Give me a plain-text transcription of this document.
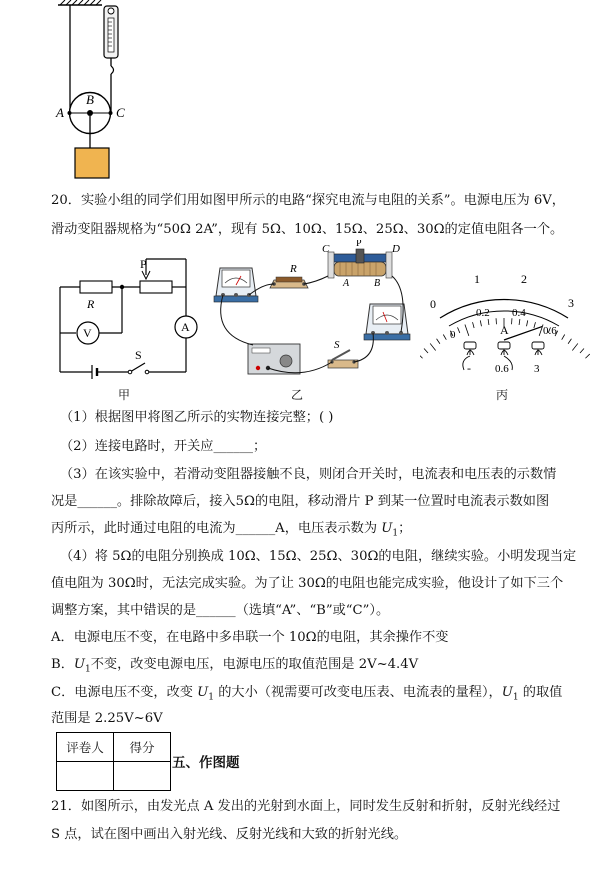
A
B
C
20．实验小组的同学们用如图甲所示的电路“探究电流与电阻的关系”。电源电压为 6V，
滑动变阻器规格为“50Ω 2A”，现有 5Ω、10Ω、15Ω、25Ω、30Ω的定值电阻各一个。
R
P
V	A
S
甲
R
C	P	D
A B
S
乙
0
1	2
3
0
0.2 0.4
0.6
A
- 0.6 3
丙
（1）根据图甲将图乙所示的实物连接完整；( )
（2）连接电路时，开关应______；
（3）在该实验中，若滑动变阻器接触不良，则闭合开关时，电流表和电压表的示数情
况是______。排除故障后，接入5Ω的电阻，移动滑片 P 到某一位置时电流表示数如图
丙所示，此时通过电阻的电流为______A，电压表示数为 $U_1$；
（4）将 5Ω的电阻分别换成 10Ω、15Ω、25Ω、30Ω的电阻，继续实验。小明发现当定
值电阻为 30Ω时，无法完成实验。为了让 30Ω的电阻也能完成实验，他设计了如下三个
调整方案，其中错误的是______（选填“A”、“B”或“C”）。
A．电源电压不变，在电路中多串联一个 10Ω的电阻，其余操作不变
B．$U_1$不变，改变电源电压，电源电压的取值范围是 2V~4.4V
C．电源电压不变，改变 $U_1$ 的大小（视需要可改变电压表、电流表的量程），$U_1$ 的取值
范围是 2.25V~6V
评卷人	得分

五、作图题
21．如图所示，由发光点 A 发出的光射到水面上，同时发生反射和折射，反射光线经过
S 点，试在图中画出入射光线、反射光线和大致的折射光线。
